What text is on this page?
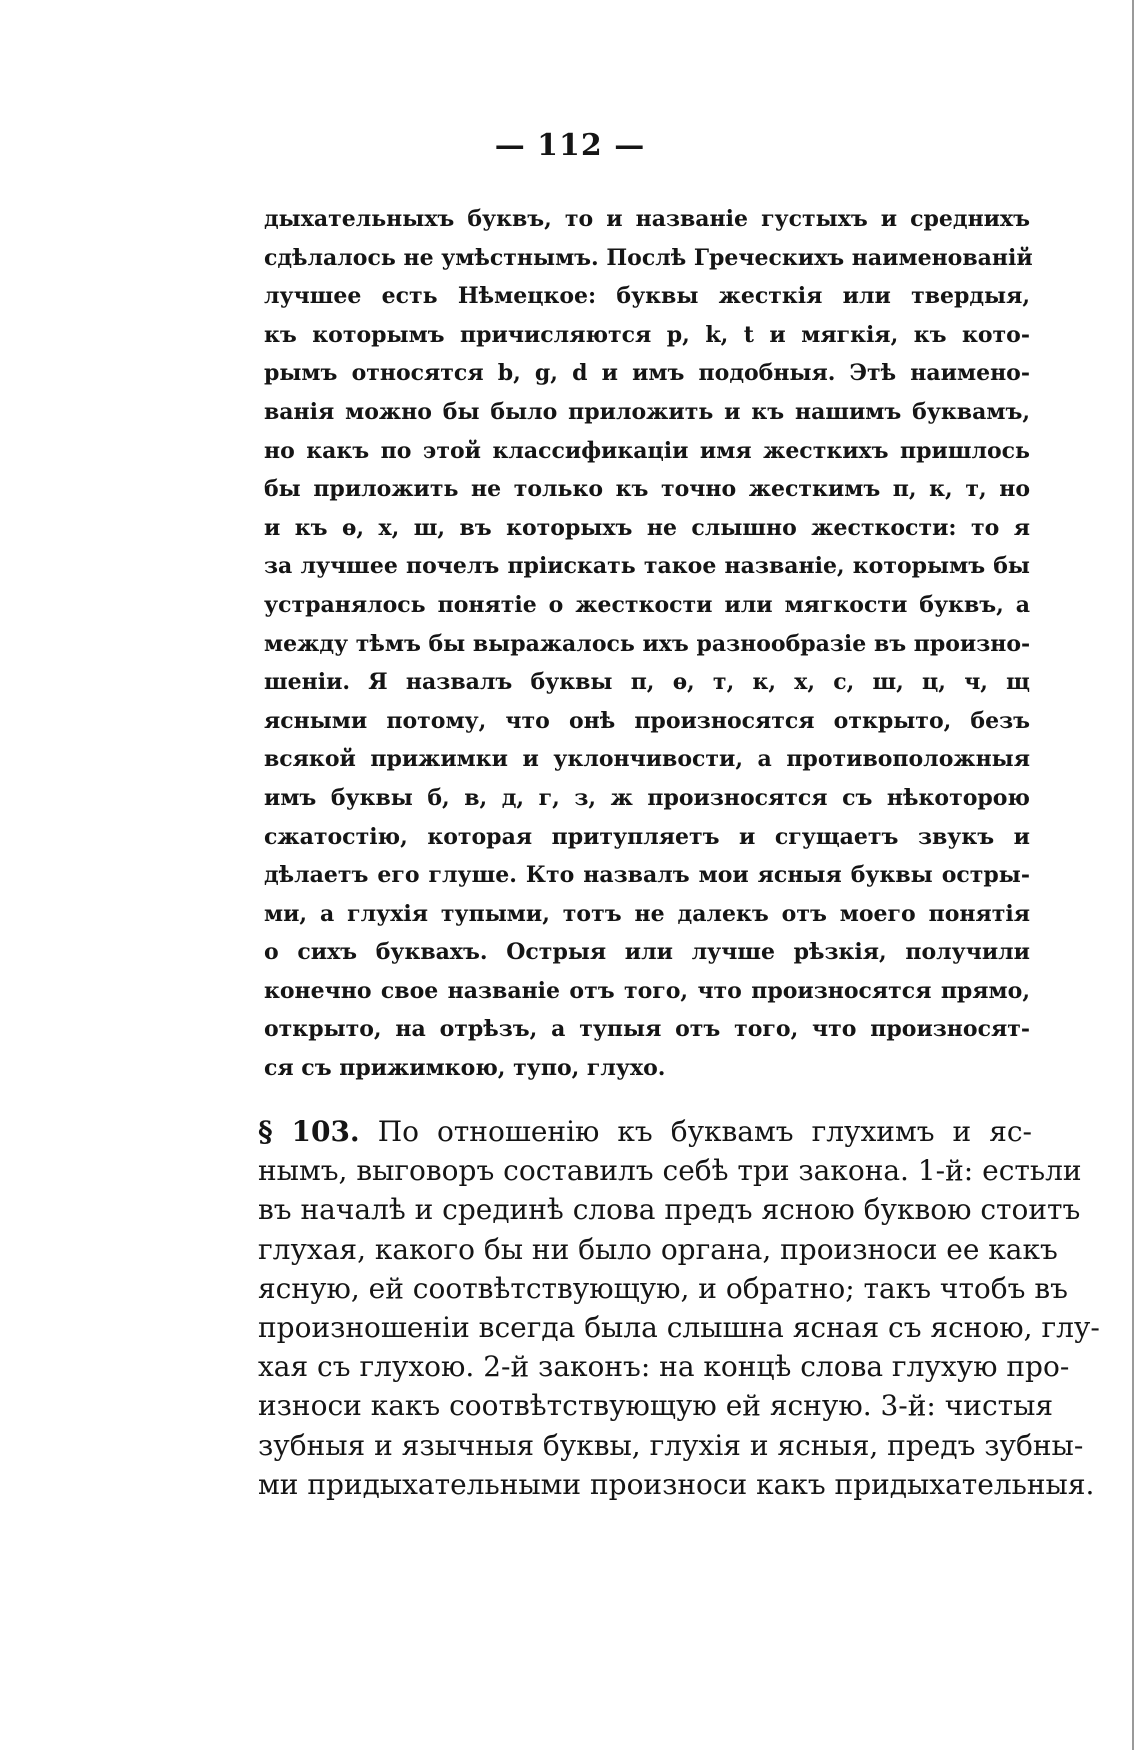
— 112 —
дыхательныхъ буквъ, то и названіе густыхъ и среднихъ
сдѣлалось не умѣстнымъ. Послѣ Греческихъ наименованій
лучшее есть Нѣмецкое: буквы жесткія или твердыя,
къ которымъ причисляются p, k, t и мягкія, къ кото-
рымъ относятся b, g, d и имъ подобныя. Этѣ наимено-
ванія можно бы было приложить и къ нашимъ буквамъ,
но какъ по этой классификаціи имя жесткихъ пришлось
бы приложить не только къ точно жесткимъ п, к, т, но
и къ ѳ, х, ш, въ которыхъ не слышно жесткости: то я
за лучшее почелъ пріискать такое названіе, которымъ бы
устранялось понятіе о жесткости или мягкости буквъ, а
между тѣмъ бы выражалось ихъ разнообразіе въ произно-
шеніи. Я назвалъ буквы п, ѳ, т, к, х, с, ш, ц, ч, щ
ясными потому, что онѣ произносятся открыто, безъ
всякой прижимки и уклончивости, а противоположныя
имъ буквы б, в, д, г, з, ж произносятся съ нѣкоторою
сжатостію, которая притупляетъ и сгущаетъ звукъ и
дѣлаетъ его глуше. Кто назвалъ мои ясныя буквы остры-
ми, а глухія тупыми, тотъ не далекъ отъ моего понятія
о сихъ буквахъ. Острыя или лучше рѣзкія, получили
конечно свое названіе отъ того, что произносятся прямо,
открыто, на отрѣзъ, а тупыя отъ того, что произносят-
ся съ прижимкою, тупо, глухо.
§ 103. По отношенію къ буквамъ глухимъ и яс-
нымъ, выговоръ составилъ себѣ три закона. 1-й: естьли
въ началѣ и срединѣ слова предъ ясною буквою стоитъ
глухая, какого бы ни было органа, произноси ее какъ
ясную, ей соотвѣтствующую, и обратно; такъ чтобъ въ
произношеніи всегда была слышна ясная съ ясною, глу-
хая съ глухою. 2-й законъ: на концѣ слова глухую про-
износи какъ соотвѣтствующую ей ясную. 3-й: чистыя
зубныя и язычныя буквы, глухія и ясныя, предъ зубны-
ми придыхательными произноси какъ придыхательныя.
